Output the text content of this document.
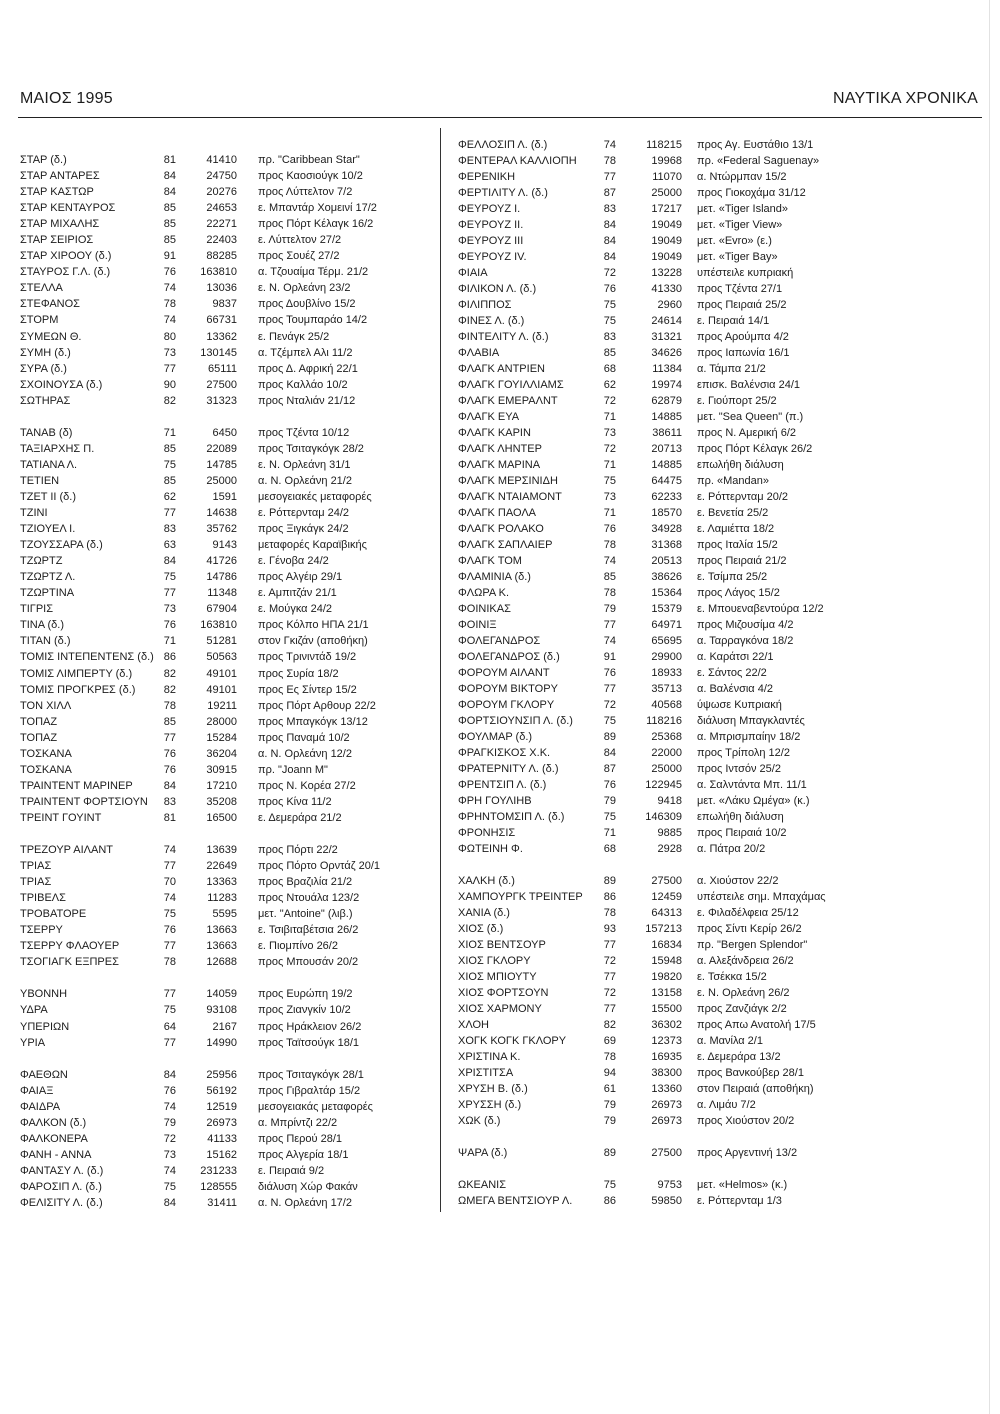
ΜΑΙΟΣ 1995	ΝΑΥΤΙΚΑ ΧΡΟΝΙΚΑ
ΣΤΑΡ (δ.)	81	41410 πρ. "Caribbean Star"
ΣΤΑΡ ΑΝΤΑΡΕΣ	84	24750 προς Καοσιούγκ 10/2
ΣΤΑΡ ΚΑΣΤΩΡ	84	20276 προς Λύττελτον 7/2
ΣΤΑΡ ΚΕΝΤΑΥΡΟΣ	85	24653 ε. Μπαντάρ Χομεινί 17/2
ΣΤΑΡ ΜΙΧΑΛΗΣ	85	22271 προς Πόρτ Κέλαγκ 16/2
ΣΤΑΡ ΣΕΙΡΙΟΣ	85	22403 ε. Λύττελτον 27/2
ΣΤΑΡ ΧΙΡΟΟΥ (δ.)	91	88285 προς Σουέζ 27/2
ΣΤΑΥΡΟΣ Γ.Λ. (δ.)	76	163810 α. Τζουαίμα Τέρμ. 21/2
ΣΤΕΛΛΑ	74	13036 ε. Ν. Ορλεάνη 23/2
ΣΤΕΦΑΝΟΣ	78	9837 προς Δουβλίνο 15/2
ΣΤΟΡΜ	74	66731 προς Τουμπαράο 14/2
ΣΥΜΕΩΝ Θ.	80	13362 ε. Πενάγκ 25/2
ΣΥΜΗ (δ.)	73	130145 α. Τζέμπελ Αλι 11/2
ΣΥΡΑ (δ.)	77	65111 προς Δ. Αφρική 22/1
ΣΧΟΙΝΟΥΣΑ (δ.)	90	27500 προς Καλλάο 10/2
ΣΩΤΗΡΑΣ	82	31323 προς Νταλιάν 21/12
ΤΑΝΑΒ (δ)	71	6450 προς Τζέντα 10/12
ΤΑΞΙΑΡΧΗΣ Π.	85	22089 προς Τσιταγκόγκ 28/2
ΤΑΤΙΑΝΑ Λ.	75	14785 ε. Ν. Ορλεάνη 31/1
ΤΕΤΙΕΝ	85	25000 α. Ν. Ορλεάνη 21/2
ΤΖΕΤ ΙΙ (δ.)	62	1591 μεσογειακές μεταφορές
ΤΖΙΝΙ	77	14638 ε. Ρόττερνταμ 24/2
ΤΖΙΟΥΕΛ Ι.	83	35762 προς Ξιγκάγκ 24/2
ΤΖΟΥΣΣΑΡΑ (δ.)	63	9143 μεταφορές Καραϊβικής
ΤΖΩΡΤΖ	84	41726 ε. Γένοβα 24/2
ΤΖΩΡΤΖ Λ.	75	14786 προς Αλγέιρ 29/1
ΤΖΩΡΤΙΝΑ	77	11348 ε. Αμπιτζάν 21/1
ΤΙΓΡΙΣ	73	67904 ε. Μούγκα 24/2
ΤΙΝΑ (δ.)	76	163810 προς Κόλπο ΗΠΑ 21/1
ΤΙΤΑΝ (δ.)	71	51281 στον Γκιζάν (αποθήκη)
ΤΟΜΙΣ ΙΝΤΕΠΕΝΤΕΝΣ (δ.) 86	50563 προς Τρινιντάδ 19/2
ΤΟΜΙΣ ΛΙΜΠΕΡΤΥ (δ.)	82	49101 προς Συρία 18/2
ΤΟΜΙΣ ΠΡΟΓΚΡΕΣ (δ.)	82	49101 προς Ες Σίντερ 15/2
ΤΟΝ ΧΙΛΛ	78	19211 προς Πόρτ Αρθουρ 22/2
ΤΟΠΑΖ	85	28000 προς Μπαγκόγκ 13/12
ΤΟΠΑΖ	77	15284 προς Παναμά 10/2
ΤΟΣΚΑΝΑ	76	36204 α. Ν. Ορλεάνη 12/2
ΤΟΣΚΑΝΑ	76	30915 πρ. "Joann M"
ΤΡΑΙΝΤΕΝΤ ΜΑΡΙΝΕΡ	84	17210 προς Ν. Κορέα 27/2
ΤΡΑΙΝΤΕΝΤ ΦΟΡΤΣΙΟΥΝ 83	35208 προς Κίνα 11/2
ΤΡΕΙΝΤ ΓΟΥΙΝΤ	81	16500 ε. Δεμεράρα 21/2
ΤΡΕΖΟΥΡ ΑΙΛΑΝΤ	74	13639 προς Πόρτι 22/2
ΤΡΙΑΣ	77	22649 προς Πόρτο Ορντάζ 20/1
ΤΡΙΑΣ	70	13363 προς Βραζιλία 21/2
ΤΡΙΒΕΛΣ	74	11283 προς Ντουάλα 123/2
ΤΡΟΒΑΤΟΡΕ	75	5595 μετ. "Antoine" (λιβ.)
ΤΣΕΡΡΥ	76	13663 ε. Τσιβιταβέτσια 26/2
ΤΣΕΡΡΥ ΦΛΑΟΥΕΡ	77	13663 ε. Πιομπίνο 26/2
ΤΣΟΓΙΑΓΚ ΕΞΠΡΕΣ	78	12688 προς Μπουσάν 20/2
ΥΒΟΝΝΗ	77	14059 προς Ευρώπη 19/2
ΥΔΡΑ	75	93108 προς Ζιανγκίν 10/2
ΥΠΕΡΙΩΝ	64	2167 προς Ηράκλειον 26/2
ΥΡΙΑ	77	14990 προς Ταϊτσούγκ 18/1
ΦΑΕΘΩΝ	84	25956 προς Τσιταγκόγκ 28/1
ΦΑΙΑΞ	76	56192 προς Γιβραλτάρ 15/2
ΦΑΙΔΡΑ	74	12519 μεσογειακάς μεταφορές
ΦΑΛΚΟΝ (δ.)	79	26973 α. Μπρίντζι 22/2
ΦΑΛΚΟΝΕΡΑ	72	41133 προς Περού 28/1
ΦΑΝΗ - ΑΝΝΑ	73	15162 προς Αλγερία 18/1
ΦΑΝΤΑΣΥ Λ. (δ.)	74	231233 ε. Πειραιά 9/2
ΦΑΡΟΣΙΠ Λ. (δ.)	75	128555 διάλυση Χώρ Φακάν
ΦΕΛΙΣΙΤΥ Λ. (δ.)	84	31411 α. Ν. Ορλεάνη 17/2
ΦΕΛΛΟΣΙΠ Λ. (δ.)	74	118215 προς Αγ. Ευστάθιο 13/1
ΦΕΝΤΕΡΑΛ ΚΑΛΛΙΟΠΗ 78	19968 πρ. «Federal Saguenay»
ΦΕΡΕΝΙΚΗ	77	11070 α. Ντώρμπαν 15/2
ΦΕΡΤΙΛΙΤΥ Λ. (δ.)	87	25000 προς Γιοκοχάμα 31/12
ΦΕΥΡΟΥΖ Ι.	83	17217 μετ. «Tiger Island»
ΦΕΥΡΟΥΖ ΙΙ.	84	19049 μετ. «Tiger View»
ΦΕΥΡΟΥΖ ΙΙΙ	84	19049 μετ. «Evro» (ε.)
ΦΕΥΡΟΥΖ ΙV.	84	19049 μετ. «Tiger Bay»
ΦΙΑΙΑ	72	13228 υπέστειλε κυπριακή
ΦΙΛΙΚΟΝ Λ. (δ.)	76	41330 προς Τζέντα 27/1
ΦΙΛΙΠΠΟΣ	75	2960 προς Πειραιά 25/2
ΦΙΝΕΣ Λ. (δ.)	75	24614 ε. Πειραιά 14/1
ΦΙΝΤΕΛΙΤΥ Λ. (δ.)	83	31321 προς Αρούμπα 4/2
ΦΛΑΒΙΑ	85	34626 προς Ιαπωνία 16/1
ΦΛΑΓΚ ΑΝΤΡΙΕΝ	68	11384 α. Τάμπα 21/2
ΦΛΑΓΚ ΓΟΥΙΛΛΙΑΜΣ	62	19974 επισκ. Βαλένσια 24/1
ΦΛΑΓΚ ΕΜΕΡΑΛΝΤ	72	62879 ε. Γιούπορτ 25/2
ΦΛΑΓΚ ΕΥΑ	71	14885 μετ. "Sea Queen" (π.)
ΦΛΑΓΚ ΚΑΡΙΝ	73	38611 προς Ν. Αμερική 6/2
ΦΛΑΓΚ ΛΗΝΤΕΡ	72	20713 προς Πόρτ Κέλαγκ 26/2
ΦΛΑΓΚ ΜΑΡΙΝΑ	71	14885 επωλήθη διάλυση
ΦΛΑΓΚ ΜΕΡΣΙΝΙΔΗ	75	64475 πρ. «Mandan»
ΦΛΑΓΚ ΝΤΑΙΑΜΟΝΤ	73	62233 ε. Ρόττερνταμ 20/2
ΦΛΑΓΚ ΠΑΟΛΑ	71	18570 ε. Βενετία 25/2
ΦΛΑΓΚ ΡΟΛΑΚΟ	76	34928 ε. Λαμιέττα 18/2
ΦΛΑΓΚ ΣΑΠΛΑΙΕΡ	78	31368 προς Ιταλία 15/2
ΦΛΑΓΚ ΤΟΜ	74	20513 προς Πειραιά 21/2
ΦΛΑΜΙΝΙΑ (δ.)	85	38626 ε. Τσίμπα 25/2
ΦΛΩΡΑ Κ.	78	15364 προς Λάγος 15/2
ΦΟΙΝΙΚΑΣ	79	15379 ε. Μπουεναβεντούρα 12/2
ΦΟΙΝΙΞ	77	64971 προς Μιζουσίμα 4/2
ΦΟΛΕΓΑΝΔΡΟΣ	74	65695 α. Ταρραγκόνα 18/2
ΦΟΛΕΓΑΝΔΡΟΣ (δ.)	91	29900 α. Καράτσι 22/1
ΦΟΡΟΥΜ ΑΙΛΑΝΤ	76	18933 ε. Σάντος 22/2
ΦΟΡΟΥΜ ΒΙΚΤΟΡΥ	77	35713 α. Βαλένσια 4/2
ΦΟΡΟΥΜ ΓΚΛΟΡΥ	72	40568 ύψωσε Κυπριακή
ΦΟΡΤΣΙΟΥΝΣΙΠ Λ. (δ.)	75	118216 διάλυση Μπαγκλαντές
ΦΟΥΛΜΑΡ (δ.)	89	25368 α. Μπρισμπαίην 18/2
ΦΡΑΓΚΙΣΚΟΣ Χ.Κ.	84	22000 προς Τρίπολη 12/2
ΦΡΑΤΕΡΝΙΤΥ Λ. (δ.)	87	25000 προς Ιντσόν 25/2
ΦΡΕΝΤΣΙΠ Λ. (δ.)	76	122945 α. Σαλντάντα Μπ. 11/1
ΦΡΗ ΓΟΥΛΙΗΒ	79	9418 μετ. «Λάκυ Ωμέγα» (κ.)
ΦΡΗΝΤΟΜΣΙΠ Λ. (δ.)	75	146309 επωλήθη διάλυση
ΦΡΟΝΗΣΙΣ	71	9885 προς Πειραιά 10/2
ΦΩΤΕΙΝΗ Φ.	68	2928 α. Πάτρα 20/2
ΧΑΛΚΗ (δ.)	89	27500 α. Χιούστον 22/2
ΧΑΜΠΟΥΡΓΚ ΤΡΕΙΝΤΕΡ 86	12459 υπέστειλε σημ. Μπαχάμας
ΧΑΝΙΑ (δ.)	78	64313 ε. Φιλαδέλφεια 25/12
ΧΙΟΣ (δ.)	93	157213 προς Σίντι Κερίρ 26/2
ΧΙΟΣ ΒΕΝΤΣΟΥΡ	77	16834 πρ. "Bergen Splendor"
ΧΙΟΣ ΓΚΛΟΡΥ	72	15948 α. Αλεξάνδρεια 26/2
ΧΙΟΣ ΜΠΙΟΥΤΥ	77	19820 ε. Τσέκκα 15/2
ΧΙΟΣ ΦΟΡΤΣΟΥΝ	72	13158 ε. Ν. Ορλεάνη 26/2
ΧΙΟΣ ΧΑΡΜΟΝΥ	77	15500 προς Ζανζιάγκ 2/2
ΧΛΟΗ	82	36302 προς Απω Ανατολή 17/5
ΧΟΓΚ ΚΟΓΚ ΓΚΛΟΡΥ	69	12373 α. Μανίλα 2/1
ΧΡΙΣΤΙΝΑ Κ.	78	16935 ε. Δεμεράρα 13/2
ΧΡΙΣΤΙΤΣΑ	94	38300 προς Βανκούβερ 28/1
ΧΡΥΣΗ Β. (δ.)	61	13360 στον Πειραιά (αποθήκη)
ΧΡΥΣΣΗ (δ.)	79	26973 α. Λιμάυ 7/2
ΧΩΚ (δ.)	79	26973 προς Χιούστον 20/2
ΨΑΡΑ (δ.)	89	27500 προς Αργεντινή 13/2
ΩΚΕΑΝΙΣ	75	9753 μετ. «Helmos» (κ.)
ΩΜΕΓΑ ΒΕΝΤΣΙΟΥΡ Λ.	86	59850 ε. Ρόττερνταμ 1/3
